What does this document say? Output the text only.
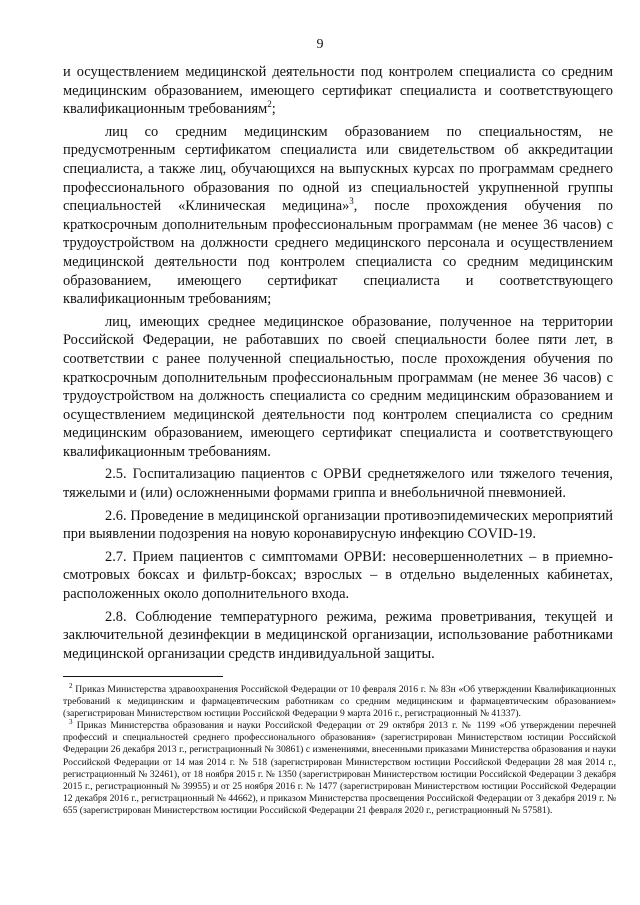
9

и осуществлением медицинской деятельности под контролем специалиста со средним медицинским образованием, имеющего сертификат специалиста и соответствующего квалификационным требованиям$^2$;

лиц со средним медицинским образованием по специальностям, не предусмотренным сертификатом специалиста или свидетельством об аккредитации специалиста, а также лиц, обучающихся на выпускных курсах по программам среднего профессионального образования по одной из специальностей укрупненной группы специальностей «Клиническая медицина»$^3$, после прохождения обучения по краткосрочным дополнительным профессиональным программам (не менее 36 часов) с трудоустройством на должности среднего медицинского персонала и осуществлением медицинской деятельности под контролем специалиста со средним медицинским образованием, имеющего сертификат специалиста и соответствующего квалификационным требованиям;

лиц, имеющих среднее медицинское образование, полученное на территории Российской Федерации, не работавших по своей специальности более пяти лет, в соответствии с ранее полученной специальностью, после прохождения обучения по краткосрочным дополнительным профессиональным программам (не менее 36 часов) с трудоустройством на должность специалиста со средним медицинским образованием и осуществлением медицинской деятельности под контролем специалиста со средним медицинским образованием, имеющего сертификат специалиста и соответствующего квалификационным требованиям.

2.5. Госпитализацию пациентов с ОРВИ среднетяжелого или тяжелого течения, тяжелыми и (или) осложненными формами гриппа и внебольничной пневмонией.

2.6. Проведение в медицинской организации противоэпидемических мероприятий при выявлении подозрения на новую коронавирусную инфекцию COVID-19.

2.7. Прием пациентов с симптомами ОРВИ: несовершеннолетних – в приемно-смотровых боксах и фильтр-боксах; взрослых – в отдельно выделенных кабинетах, расположенных около дополнительного входа.

2.8. Соблюдение температурного режима, режима проветривания, текущей и заключительной дезинфекции в медицинской организации, использование работниками медицинской организации средств индивидуальной защиты.

$^2$ Приказ Министерства здравоохранения Российской Федерации от 10 февраля 2016 г. № 83н «Об утверждении Квалификационных требований к медицинским и фармацевтическим работникам со средним медицинским и фармацевтическим образованием» (зарегистрирован Министерством юстиции Российской Федерации 9 марта 2016 г., регистрационный № 41337).

$^3$ Приказ Министерства образования и науки Российской Федерации от 29 октября 2013 г. № 1199 «Об утверждении перечней профессий и специальностей среднего профессионального образования» (зарегистрирован Министерством юстиции Российской Федерации 26 декабря 2013 г., регистрационный № 30861) с изменениями, внесенными приказами Министерства образования и науки Российской Федерации от 14 мая 2014 г. № 518 (зарегистрирован Министерством юстиции Российской Федерации 28 мая 2014 г., регистрационный № 32461), от 18 ноября 2015 г. № 1350 (зарегистрирован Министерством юстиции Российской Федерации 3 декабря 2015 г., регистрационный № 39955) и от 25 ноября 2016 г. № 1477 (зарегистрирован Министерством юстиции Российской Федерации 12 декабря 2016 г., регистрационный № 44662), и приказом Министерства просвещения Российской Федерации от 3 декабря 2019 г. № 655 (зарегистрирован Министерством юстиции Российской Федерации 21 февраля 2020 г., регистрационный № 57581).
